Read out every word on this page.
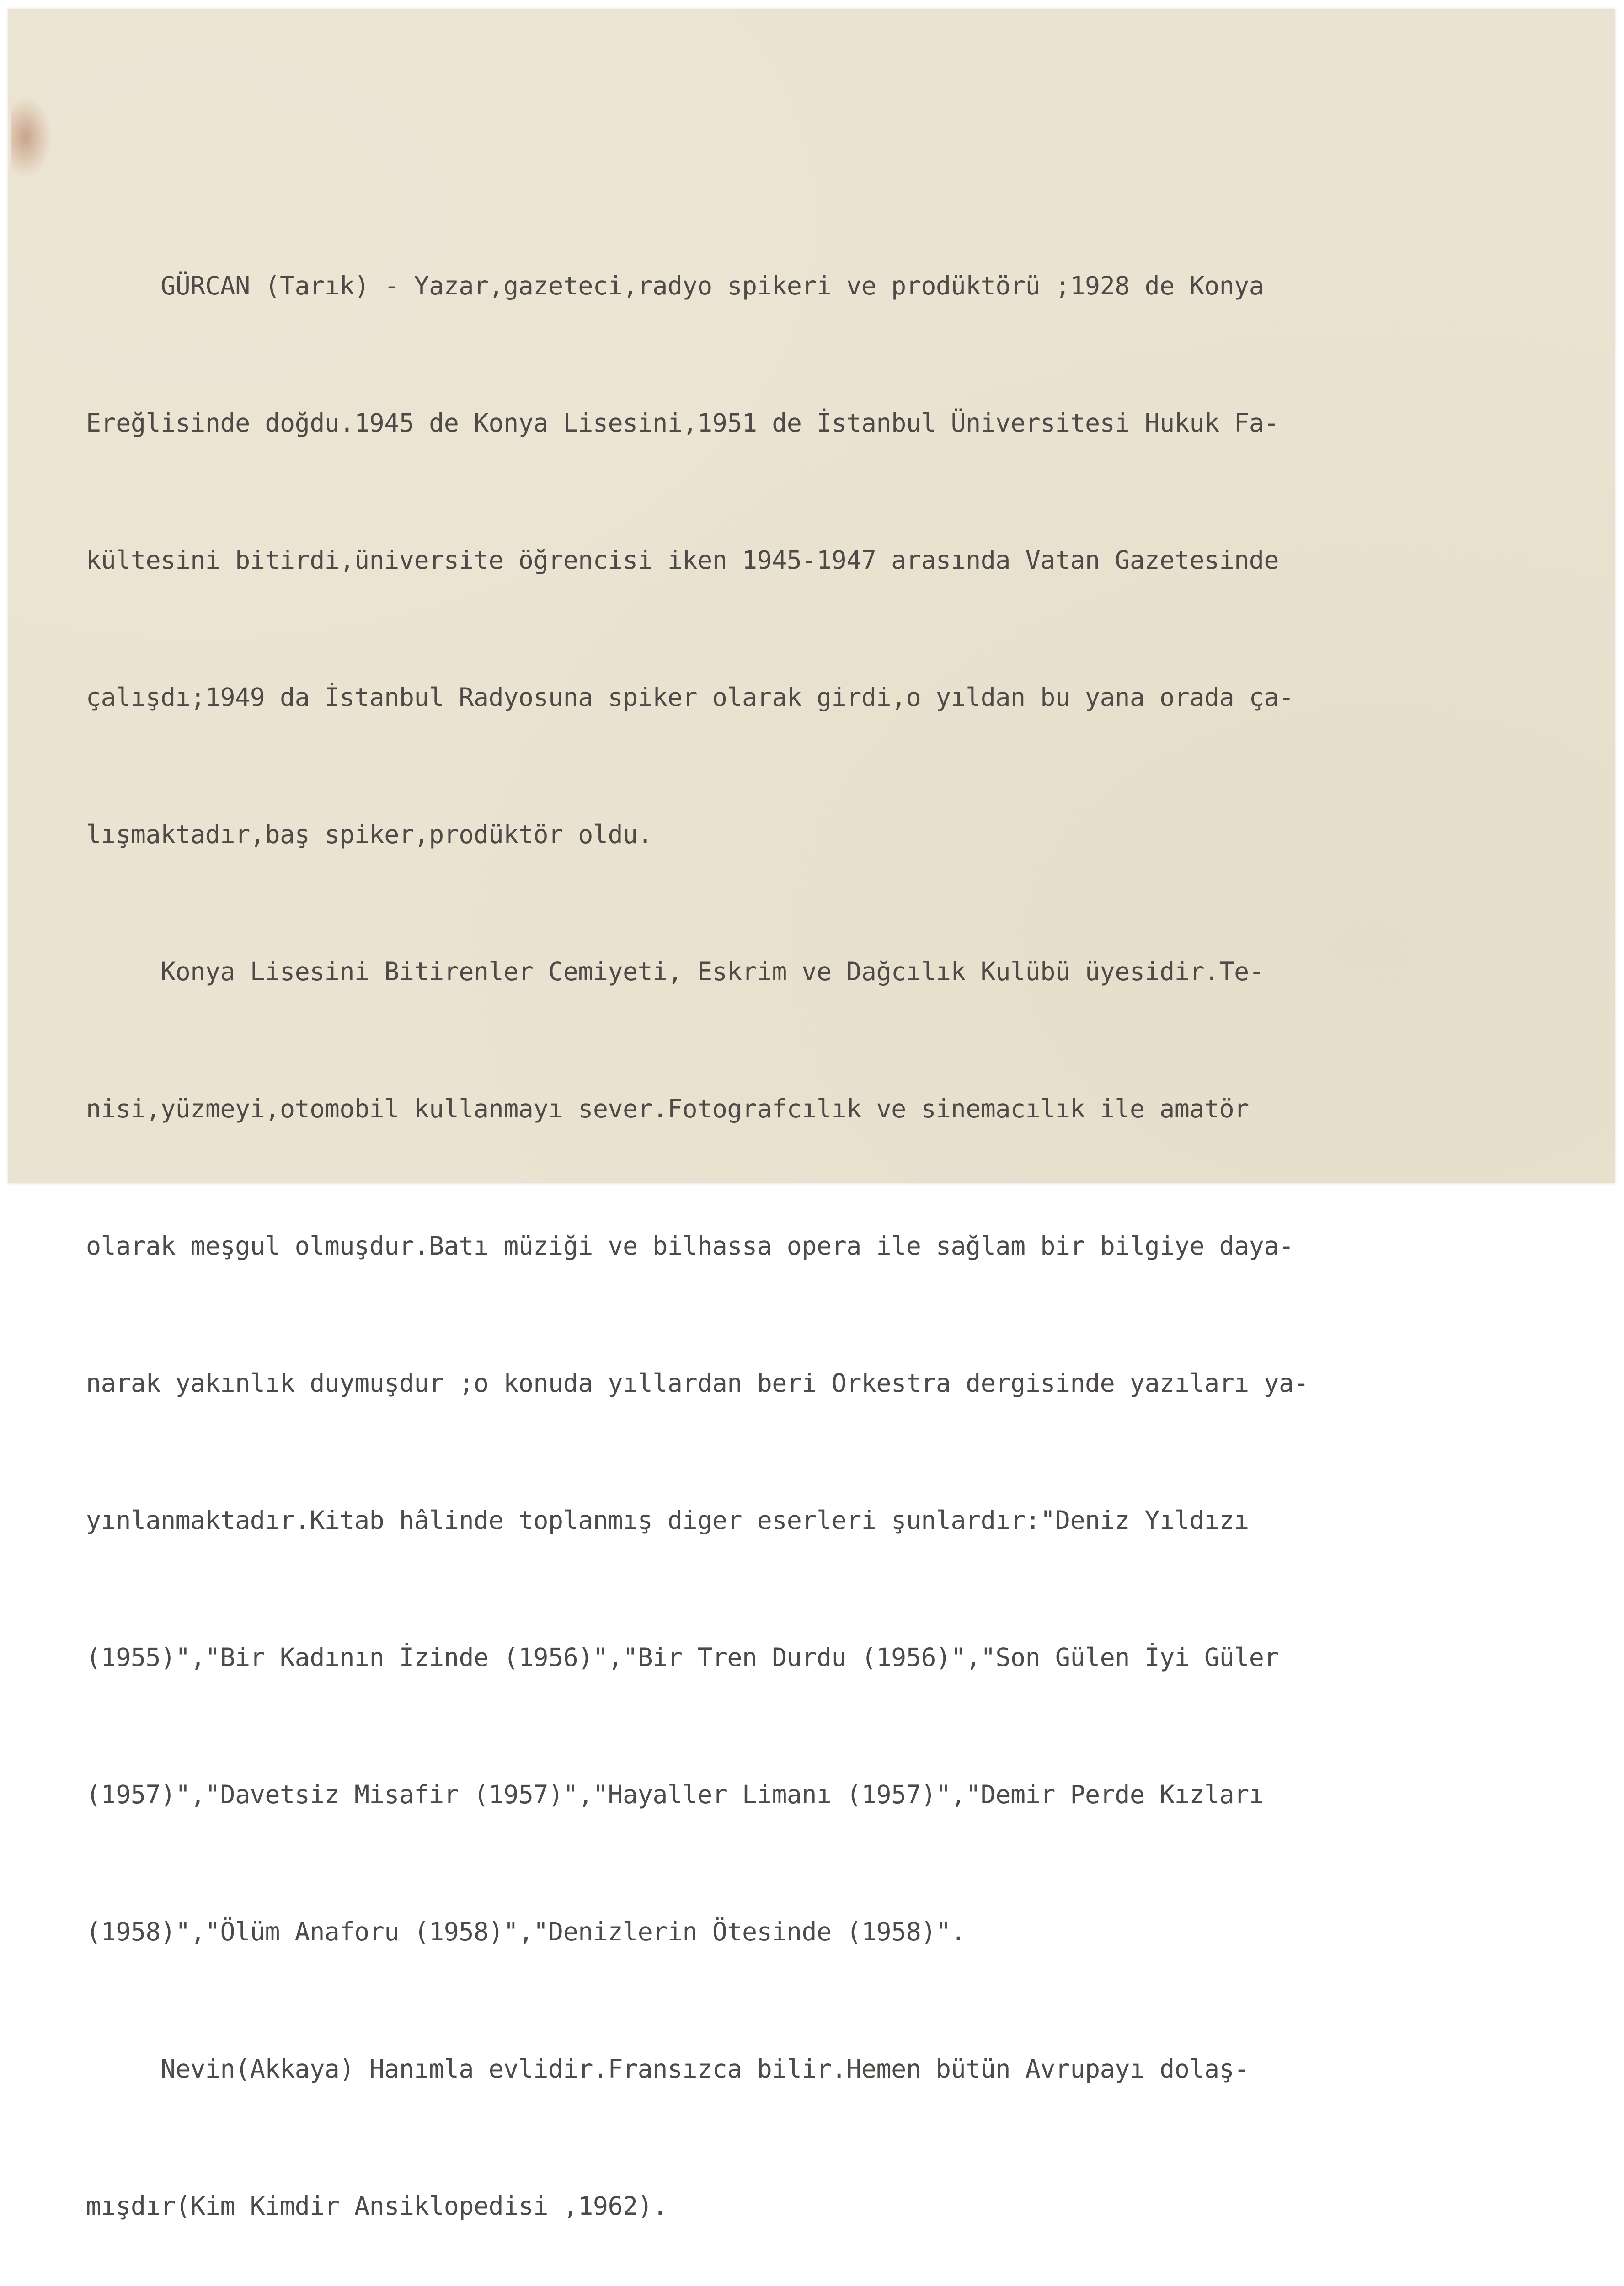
GÜRCAN (Tarık) - Yazar,gazeteci,radyo spikeri ve prodüktörü ;1928 de Konya

Ereğlisinde doğdu.1945 de Konya Lisesini,1951 de İstanbul Üniversitesi Hukuk Fa-

kültesini bitirdi,üniversite öğrencisi iken 1945-1947 arasında Vatan Gazetesinde

çalışdı;1949 da İstanbul Radyosuna spiker olarak girdi,o yıldan bu yana orada ça-

lışmaktadır,baş spiker,prodüktör oldu.

Konya Lisesini Bitirenler Cemiyeti, Eskrim ve Dağcılık Kulübü üyesidir.Te-

nisi,yüzmeyi,otomobil kullanmayı sever.Fotografcılık ve sinemacılık ile amatör

olarak meşgul olmuşdur.Batı müziği ve bilhassa opera ile sağlam bir bilgiye daya-

narak yakınlık duymuşdur ;o konuda yıllardan beri Orkestra dergisinde yazıları ya-

yınlanmaktadır.Kitab hâlinde toplanmış diger eserleri şunlardır:"Deniz Yıldızı

(1955)","Bir Kadının İzinde (1956)","Bir Tren Durdu (1956)","Son Gülen İyi Güler

(1957)","Davetsiz Misafir (1957)","Hayaller Limanı (1957)","Demir Perde Kızları

(1958)","Ölüm Anaforu (1958)","Denizlerin Ötesinde (1958)".

Nevin(Akkaya) Hanımla evlidir.Fransızca bilir.Hemen bütün Avrupayı dolaş-

mışdır(Kim Kimdir Ansiklopedisi ,1962).
